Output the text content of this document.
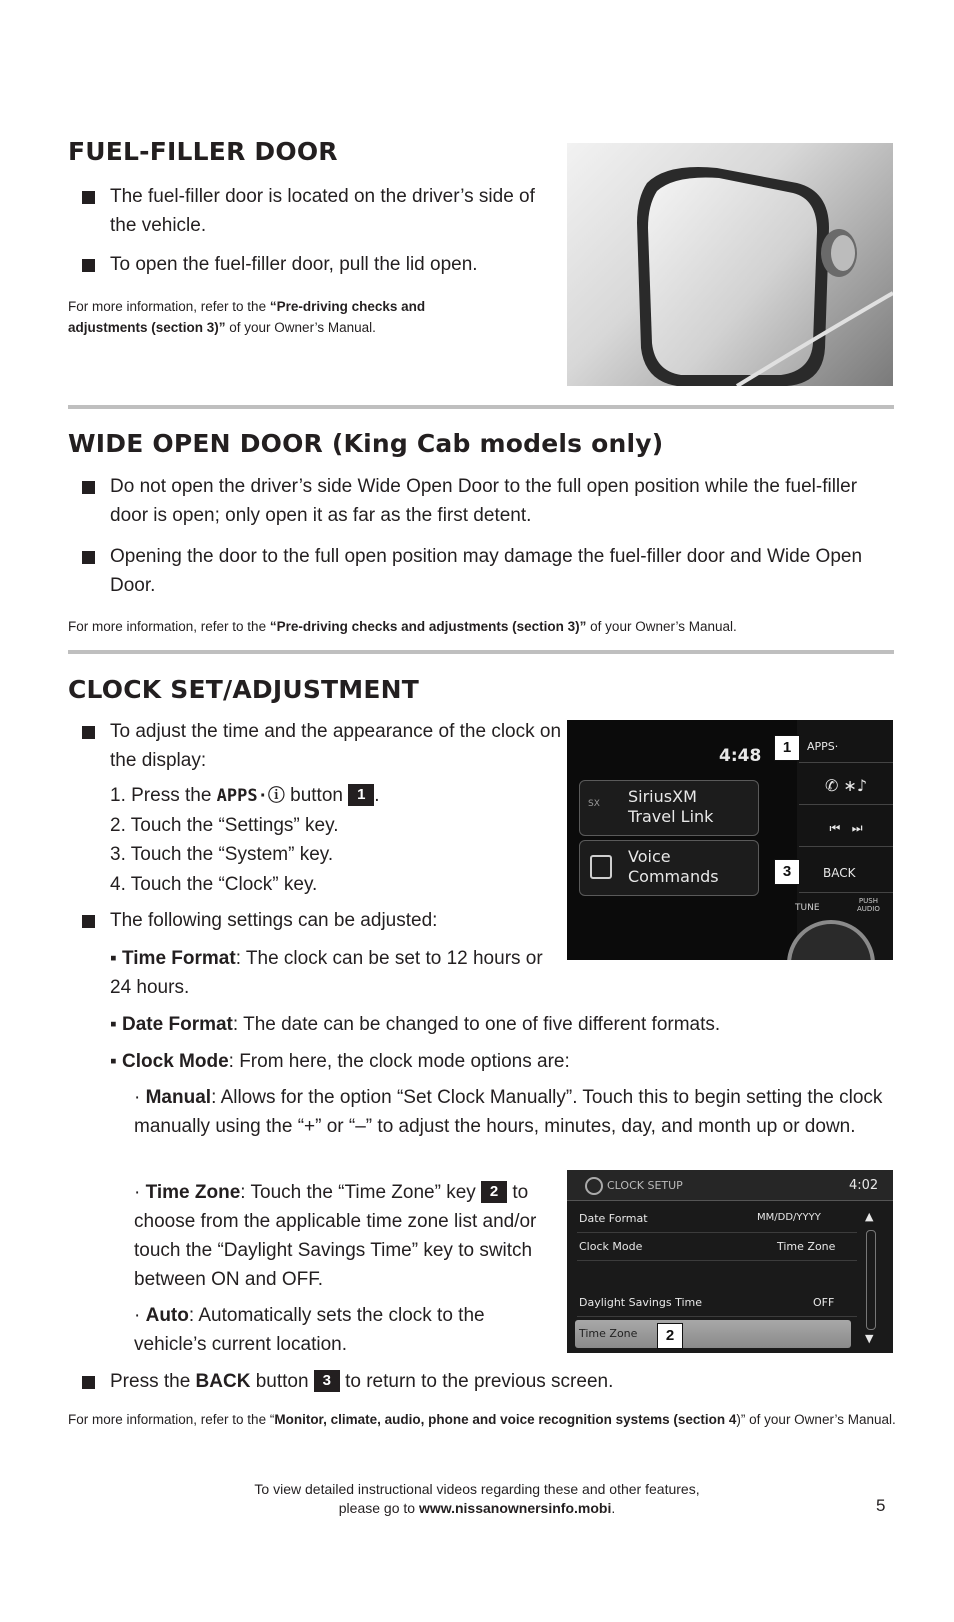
FUEL-FILLER DOOR
The fuel-filler door is located on the driver’s side of the vehicle.
To open the fuel-filler door, pull the lid open.
For more information, refer to the “Pre-driving checks and adjustments (section 3)” of your Owner’s Manual.
WIDE OPEN DOOR (King Cab models only)
Do not open the driver’s side Wide Open Door to the full open position while the fuel-filler door is open; only open it as far as the first detent.
Opening the door to the full open position may damage the fuel-filler door and Wide Open Door.
For more information, refer to the “Pre-driving checks and adjustments (section 3)” of your Owner’s Manual.
CLOCK SET/ADJUSTMENT
To adjust the time and the appearance of the clock on the display:
1. Press the APPS·ⓘ button 1 .
2. Touch the “Settings” key.
3. Touch the “System” key.
4. Touch the “Clock” key.
The following settings can be adjusted:
▪ Time Format: The clock can be set to 12 hours or 24 hours.
▪ Date Format: The date can be changed to one of five different formats.
▪ Clock Mode: From here, the clock mode options are:
· Manual: Allows for the option “Set Clock Manually”. Touch this to begin setting the clock manually using the “+” or “–” to adjust the hours, minutes, day, and month up or down.
· Time Zone: Touch the “Time Zone” key 2 to choose from the applicable time zone list and/or touch the “Daylight Savings Time” key to switch between ON and OFF.
· Auto: Automatically sets the clock to the vehicle’s current location.
Press the BACK button 3 to return to the previous screen.
For more information, refer to the “Monitor, climate, audio, phone and voice recognition systems (section 4)” of your Owner’s Manual.
4:48
SX SiriusXM
Travel Link
Voice
Commands
APPS·
✆ ∗♪
⏮   ⏭
BACK
TUNE
PUSH
AUDIO
1
3
CLOCK SETUP	4:02
Date Format	MM/DD/YYYY
Clock Mode	Time Zone
Daylight Savings Time	OFF
Time Zone
▲
▼
2
To view detailed instructional videos regarding these and other features,
please go to www.nissanownersinfo.mobi.	5
